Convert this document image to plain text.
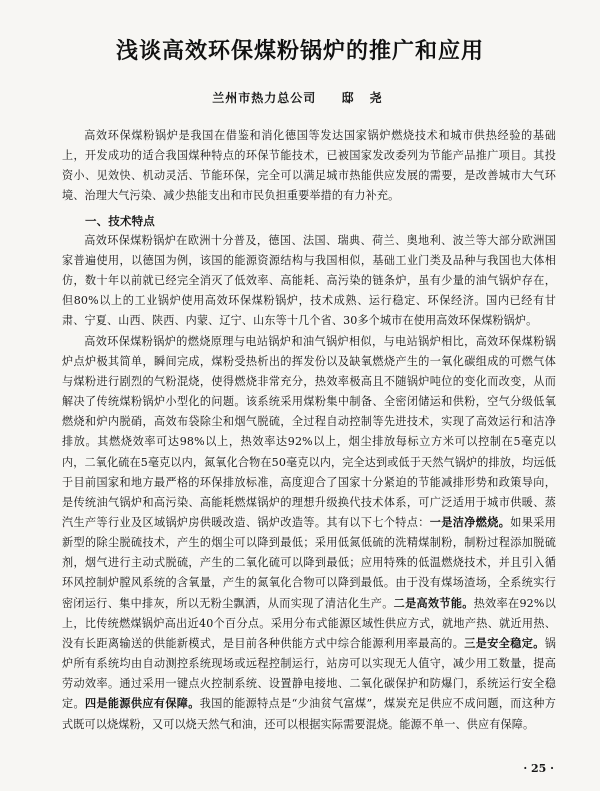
浅谈高效环保煤粉锅炉的推广和应用
兰州市热力总公司 邸 尧

高效环保煤粉锅炉是我国在借鉴和消化德国等发达国家锅炉燃烧技术和城市供热经验的基础上，开发成功的适合我国煤种特点的环保节能技术，已被国家发改委列为节能产品推广项目。其投资小、见效快、机动灵活、节能环保，完全可以满足城市热能供应发展的需要，是改善城市大气环境、治理大气污染、减少热能支出和市民负担重要举措的有力补充。

一、技术特点

高效环保煤粉锅炉在欧洲十分普及，德国、法国、瑞典、荷兰、奥地利、波兰等大部分欧洲国家普遍使用，以德国为例，该国的能源资源结构与我国相似，基础工业门类及品种与我国也大体相仿，数十年以前就已经完全消灭了低效率、高能耗、高污染的链条炉，虽有少量的油气锅炉存在，但80%以上的工业锅炉使用高效环保煤粉锅炉，技术成熟、运行稳定、环保经济。国内已经有甘肃、宁夏、山西、陕西、内蒙、辽宁、山东等十几个省、30多个城市在使用高效环保煤粉锅炉。

高效环保煤粉锅炉的燃烧原理与电站锅炉和油气锅炉相似，与电站锅炉相比，高效环保煤粉锅炉点炉极其简单，瞬间完成，煤粉受热析出的挥发份以及缺氧燃烧产生的一氧化碳组成的可燃气体与煤粉进行剧烈的气粉混烧，使得燃烧非常充分，热效率极高且不随锅炉吨位的变化而改变，从而解决了传统煤粉锅炉小型化的问题。该系统采用煤粉集中制备、全密闭储运和供粉，空气分级低氧燃烧和炉内脱硝，高效布袋除尘和烟气脱硫，全过程自动控制等先进技术，实现了高效运行和洁净排放。其燃烧效率可达98%以上，热效率达92%以上，烟尘排放每标立方米可以控制在5毫克以内，二氧化硫在5毫克以内，氮氧化合物在50毫克以内，完全达到或低于天然气锅炉的排放，均远低于目前国家和地方最严格的环保排放标准，高度迎合了国家十分紧迫的节能减排形势和政策导向，是传统油气锅炉和高污染、高能耗燃煤锅炉的理想升级换代技术体系，可广泛适用于城市供暖、蒸汽生产等行业及区域锅炉房供暖改造、锅炉改造等。其有以下七个特点：一是洁净燃烧。如果采用新型的除尘脱硫技术，产生的烟尘可以降到最低；采用低氮低硫的洗精煤制粉，制粉过程添加脱硫剂，烟气进行主动式脱硫，产生的二氧化硫可以降到最低；应用特殊的低温燃烧技术，并且引入循环风控制炉膛风系统的含氧量，产生的氮氧化合物可以降到最低。由于没有煤场渣场，全系统实行密闭运行、集中排灰，所以无粉尘飘洒，从而实现了清洁化生产。二是高效节能。热效率在92%以上，比传统燃煤锅炉高出近40个百分点。采用分布式能源区域性供应方式，就地产热、就近用热、没有长距离输送的供能新模式，是目前各种供能方式中综合能源利用率最高的。三是安全稳定。锅炉所有系统均由自动测控系统现场或远程控制运行，站房可以实现无人值守，减少用工数量，提高劳动效率。通过采用一键点火控制系统、设置静电接地、二氧化碳保护和防爆门，系统运行安全稳定。四是能源供应有保障。我国的能源特点是“少油贫气富煤”，煤炭充足供应不成问题，而这种方式既可以烧煤粉，又可以烧天然气和油，还可以根据实际需要混烧。能源不单一、供应有保障。

· 25 ·
